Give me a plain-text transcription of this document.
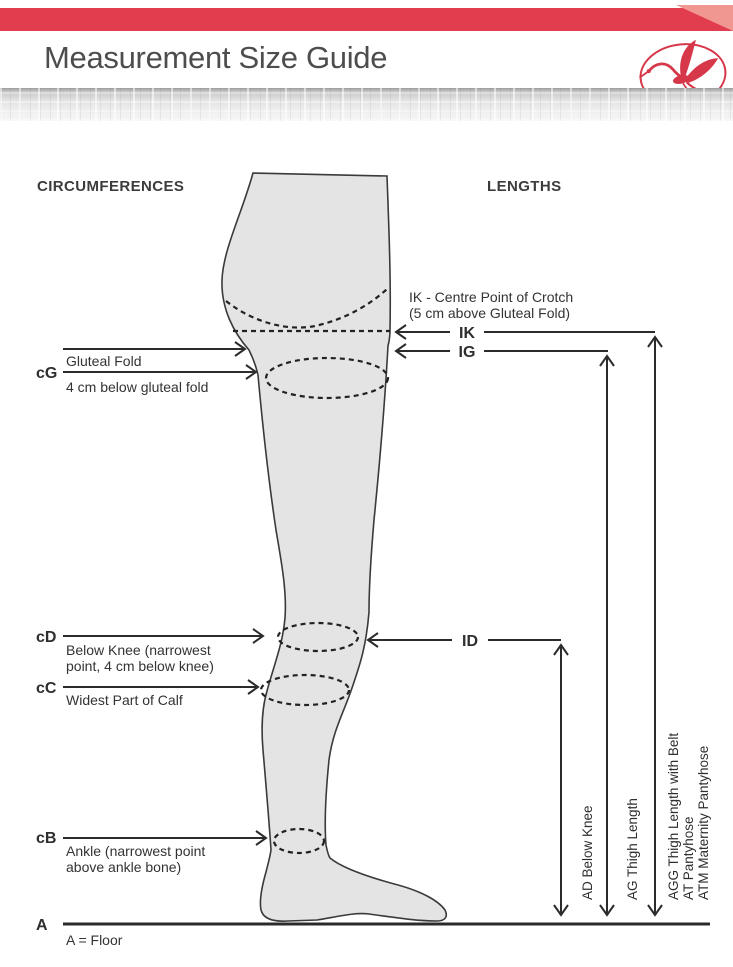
Measurement Size Guide
CIRCUMFERENCES	LENGTHS
Gluteal Fold
cG
4 cm below gluteal fold
cD
Below Knee (narrowest
point, 4 cm below knee)
cC
Widest Part of Calf
cB
Ankle (narrowest point
above ankle bone)
A
A = Floor
IK - Centre Point of Crotch
(5 cm above Gluteal Fold)
IK
IG
ID
AD Below Knee AG Thigh Length AGG Thigh Length with Belt AT Pantyhose ATM Maternity Pantyhose
